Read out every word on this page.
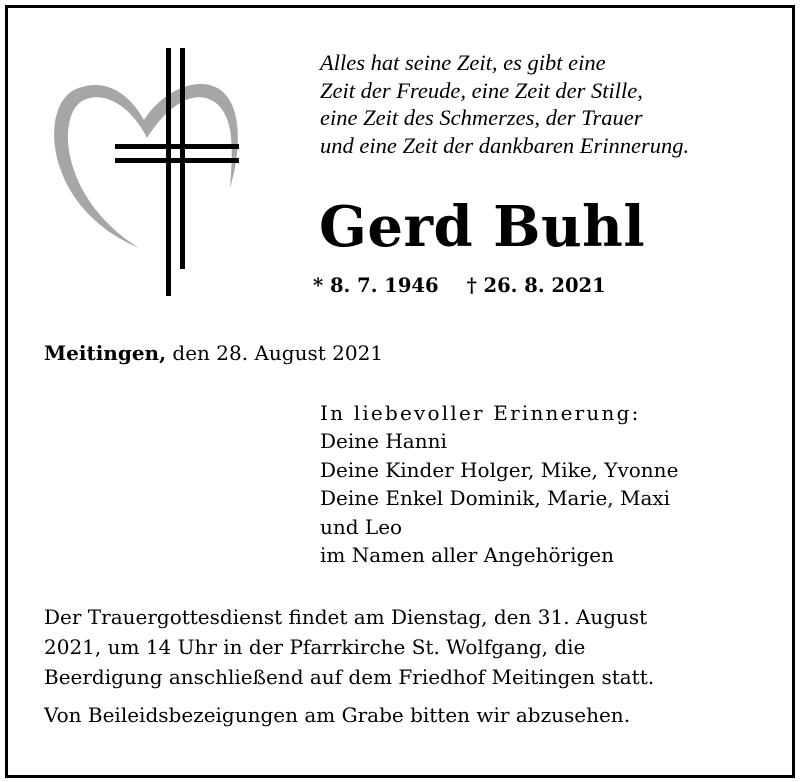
Alles hat seine Zeit, es gibt eine
Zeit der Freude, eine Zeit der Stille,
eine Zeit des Schmerzes, der Trauer
und eine Zeit der dankbaren Erinnerung.
Gerd Buhl
* 8. 7. 1946 † 26. 8. 2021
Meitingen, den 28. August 2021
In liebevoller Erinnerung:
Deine Hanni
Deine Kinder Holger, Mike, Yvonne
Deine Enkel Dominik, Marie, Maxi
und Leo
im Namen aller Angehörigen
Der Trauergottesdienst findet am Dienstag, den 31. August
2021, um 14 Uhr in der Pfarrkirche St. Wolfgang, die
Beerdigung anschließend auf dem Friedhof Meitingen statt.
Von Beileidsbezeigungen am Grabe bitten wir abzusehen.
